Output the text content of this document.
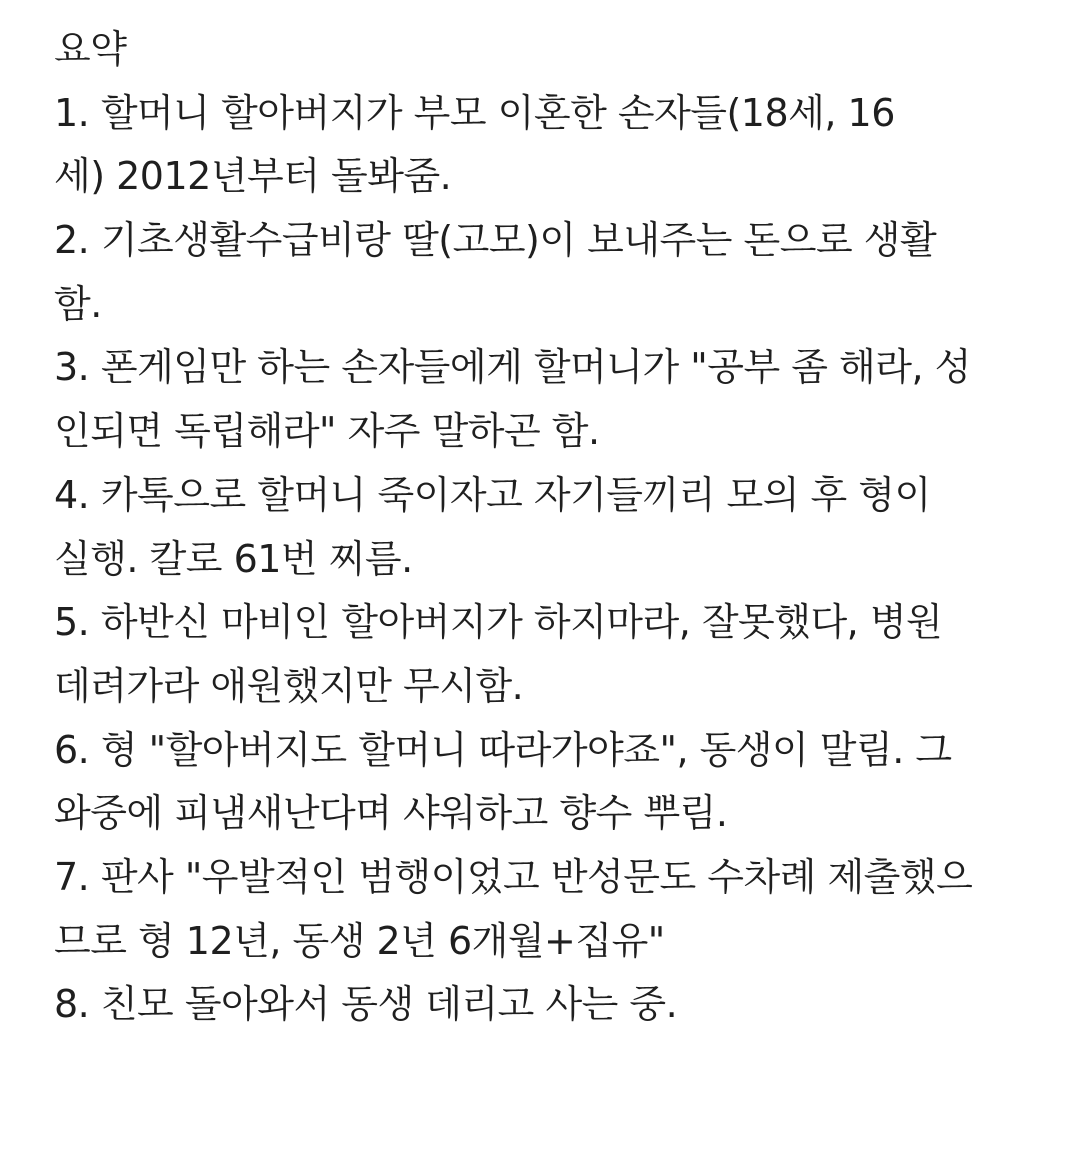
요약
1. 할머니 할아버지가 부모 이혼한 손자들(18세, 16
세) 2012년부터 돌봐줌.
2. 기초생활수급비랑 딸(고모)이 보내주는 돈으로 생활
함.
3. 폰게임만 하는 손자들에게 할머니가 "공부 좀 해라, 성
인되면 독립해라" 자주 말하곤 함.
4. 카톡으로 할머니 죽이자고 자기들끼리 모의 후 형이
실행. 칼로 61번 찌름.
5. 하반신 마비인 할아버지가 하지마라, 잘못했다, 병원
데려가라 애원했지만 무시함.
6. 형 "할아버지도 할머니 따라가야죠", 동생이 말림. 그
와중에 피냄새난다며 샤워하고 향수 뿌림.
7. 판사 "우발적인 범행이었고 반성문도 수차례 제출했으
므로 형 12년, 동생 2년 6개월+집유"
8. 친모 돌아와서 동생 데리고 사는 중.
